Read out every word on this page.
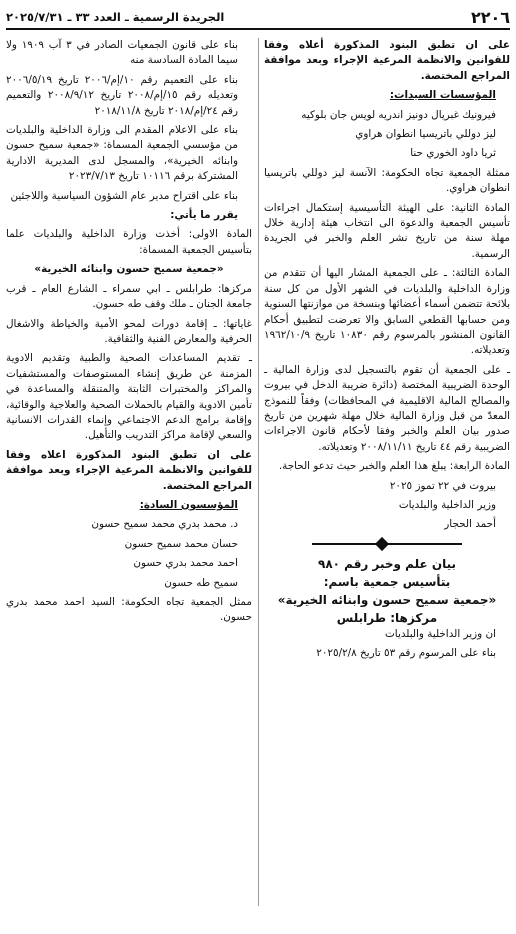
٢٢٠٦
الجريدة الرسمية ـ العدد ٣٣ ـ ٢٠٢٥/٧/٣١

على ان تطبق البنود المذكورة أعلاه وفقا للقوانين والانظمة المرعية الإجراء وبعد موافقة المراجع المختصة.

المؤسسات السيدات:

فيرونيك غبريال دونيز اندريه لويس جان بلوكيه

ليز دوللي باتريسيا انطوان هراوي

ثريا داود الخوري حنا

ممثلة الجمعية تجاه الحكومة: الآنسة ليز دوللي باتريسيا انطوان هراوي.

المادة الثانية: على الهيئة التأسيسية إستكمال اجراءات تأسيس الجمعية والدعوة الى انتخاب هيئة إدارية خلال مهلة سنة من تاريخ نشر العلم والخبر في الجريدة الرسمية.

المادة الثالثة: ـ على الجمعية المشار اليها أن تتقدم من وزارة الداخلية والبلديات في الشهر الأول من كل سنة بلائحة تتضمن أسماء أعضائها وبنسخة من موازنتها السنوية ومن حسابها القطعي السابق والا تعرضت لتطبيق أحكام القانون المنشور بالمرسوم رقم ١٠٨٣٠ تاريخ ١٩٦٢/١٠/٩ وتعديلاته.

ـ على الجمعية أن تقوم بالتسجيل لدى وزارة المالية ـ الوحدة الضريبية المختصة (دائرة ضريبة الدخل في بيروت والمصالح المالية الاقليمية في المحافظات) وفقاً للنموذج المعدّ من قبل وزارة المالية خلال مهلة شهرين من تاريخ صدور بيان العلم والخبر وفقا لأحكام قانون الاجراءات الضريبية رقم ٤٤ تاريخ ٢٠٠٨/١١/١١ وتعديلاته.

المادة الرابعة: يبلغ هذا العلم والخبر حيث تدعو الحاجة.

بيروت في ٢٢ تموز ٢٠٢٥

وزير الداخلية والبلديات

أحمد الحجار

بيان علم وخبر رقم ٩٨٠
بتأسيس جمعية باسم:
«جمعية سميح حسون وابنائه الخيرية»
مركزها: طرابلس

ان وزير الداخلية والبلديات

بناء على المرسوم رقم ٥٣ تاريخ ٢٠٢٥/٢/٨

بناء على قانون الجمعيات الصادر في ٣ آب ١٩٠٩ ولا سيما المادة السادسة منه

بناء على التعميم رقم ١٠/إم/٢٠٠٦ تاريخ ٢٠٠٦/٥/١٩ وتعديله رقم ١٥/إم/٢٠٠٨ تاريخ ٢٠٠٨/٩/١٢ والتعميم رقم ٢٤/إم/٢٠١٨ تاريخ ٢٠١٨/١١/٨

بناء على الاعلام المقدم الى وزارة الداخلية والبلديات من مؤسسي الجمعية المسماة: «جمعية سميح حسون وابنائه الخيرية»، والمسجل لدى المديرية الادارية المشتركة برقم ١٠١١٦ تاريخ ٢٠٢٣/٧/١٣

بناء على اقتراح مدير عام الشؤون السياسية واللاجئين

يقرر ما يأتي:

المادة الاولى: أخذت وزارة الداخلية والبلديات علما بتأسيس الجمعية المسماة:

«جمعية سميح حسون وابنائه الخيرية»

مركزها: طرابلس ـ ابي سمراء ـ الشارع العام ـ قرب جامعة الجنان ـ ملك وقف طه حسون.

غاياتها: ـ إقامة دورات لمحو الأمية والخياطة والاشغال الحرفية والمعارض الفنية والثقافية.

ـ تقديم المساعدات الصحية والطبية وتقديم الادوية المزمنة عن طريق إنشاء المستوصفات والمستشفيات والمراكز والمختبرات الثابتة والمتنقلة والمساعدة في تأمين الادوية والقيام بالحملات الصحية والعلاجية والوقائية، وإقامة برامج الدعم الاجتماعي وإنماء القدرات الانسانية والسعي لإقامة مراكز التدريب والتأهيل.

على ان تطبق البنود المذكورة اعلاه وفقا للقوانين والانظمة المرعية الإجراء وبعد موافقة المراجع المختصة.

المؤسسون السادة:

د. محمد بدري محمد سميح حسون

حسان محمد سميح حسون

احمد محمد بدري حسون

سميح طه حسون

ممثل الجمعية تجاه الحكومة: السيد احمد محمد بدري حسون.
